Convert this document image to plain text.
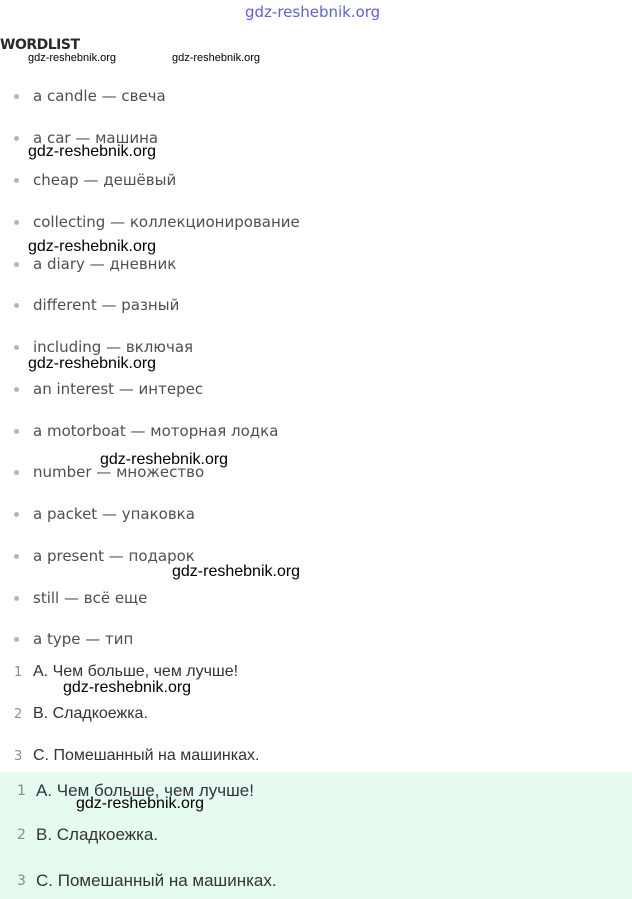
gdz-reshebnik.org
WORDLIST
gdz-reshebnik.org	gdz-reshebnik.org
a candle — свеча
a car — машина
cheap — дешёвый
collecting — коллекционирование
a diary — дневник
different — разный
including — включая
an interest — интерес
a motorboat — моторная лодка
number — множество
a packet — упаковка
a present — подарок
still — всё еще
a type — тип
1 A. Чем больше, чем лучше!
2 B. Сладкоежка.
3 C. Помешанный на машинках.
1 A. Чем больше, чем лучше!
2 B. Сладкоежка.
3 C. Помешанный на машинках.
gdz-reshebnik.org
gdz-reshebnik.org
gdz-reshebnik.org
gdz-reshebnik.org
gdz-reshebnik.org
gdz-reshebnik.org
gdz-reshebnik.org
